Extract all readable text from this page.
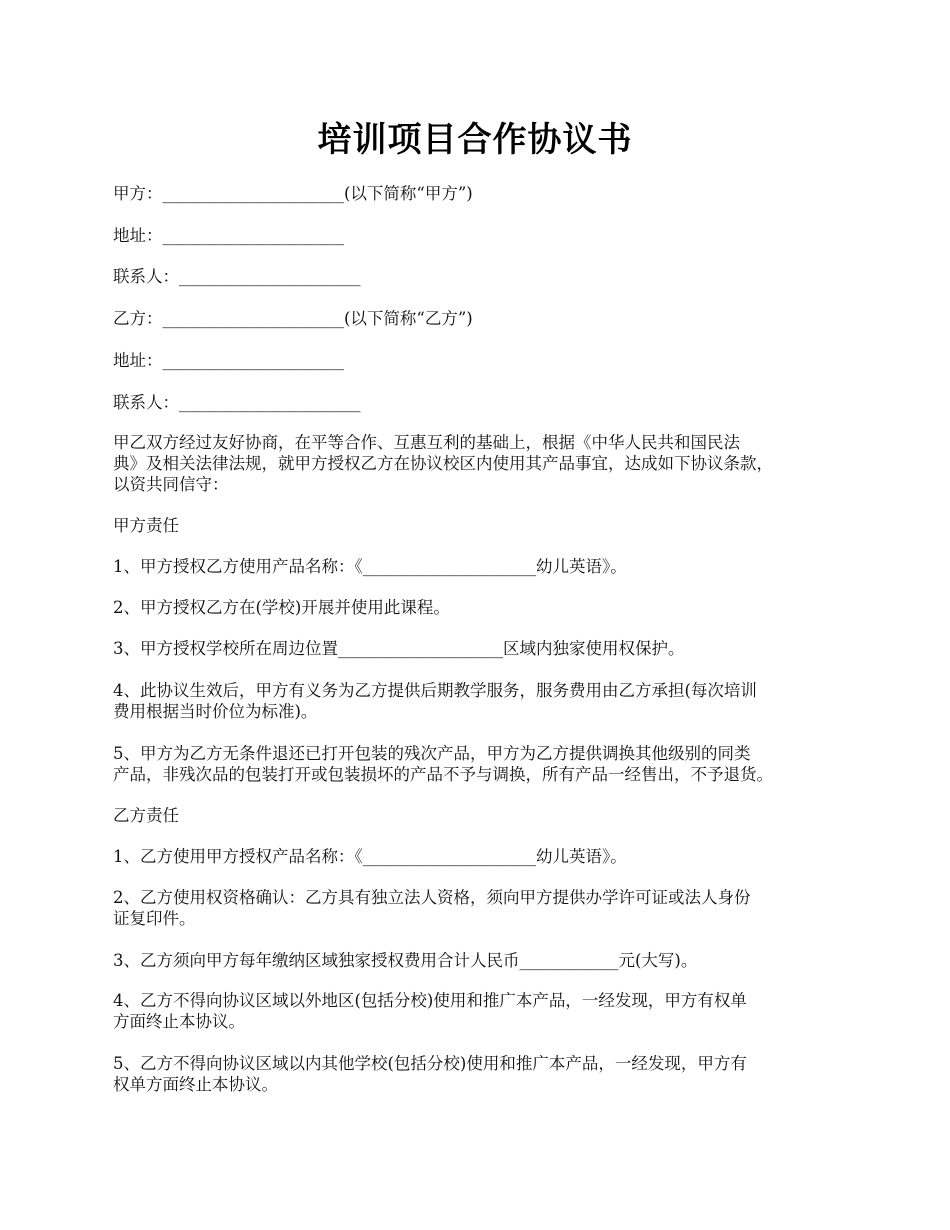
培训项目合作协议书
甲方：______________________(以下简称“甲方”)
地址：______________________
联系人：______________________
乙方：______________________(以下简称“乙方”)
地址：______________________
联系人：______________________
甲乙双方经过友好协商，在平等合作、互惠互利的基础上，根据《中华人民共和国民法
典》及相关法律法规，就甲方授权乙方在协议校区内使用其产品事宜，达成如下协议条款，
以资共同信守：
甲方责任
1、甲方授权乙方使用产品名称：《_____________________幼儿英语》。
2、甲方授权乙方在(学校)开展并使用此课程。
3、甲方授权学校所在周边位置____________________区域内独家使用权保护。
4、此协议生效后，甲方有义务为乙方提供后期教学服务，服务费用由乙方承担(每次培训
费用根据当时价位为标准)。
5、甲方为乙方无条件退还已打开包装的残次产品，甲方为乙方提供调换其他级别的同类
产品，非残次品的包装打开或包装损坏的产品不予与调换，所有产品一经售出，不予退货。
乙方责任
1、乙方使用甲方授权产品名称：《_____________________幼儿英语》。
2、乙方使用权资格确认：乙方具有独立法人资格，须向甲方提供办学许可证或法人身份
证复印件。
3、乙方须向甲方每年缴纳区域独家授权费用合计人民币____________元(大写)。
4、乙方不得向协议区域以外地区(包括分校)使用和推广本产品，一经发现，甲方有权单
方面终止本协议。
5、乙方不得向协议区域以内其他学校(包括分校)使用和推广本产品，一经发现，甲方有
权单方面终止本协议。
